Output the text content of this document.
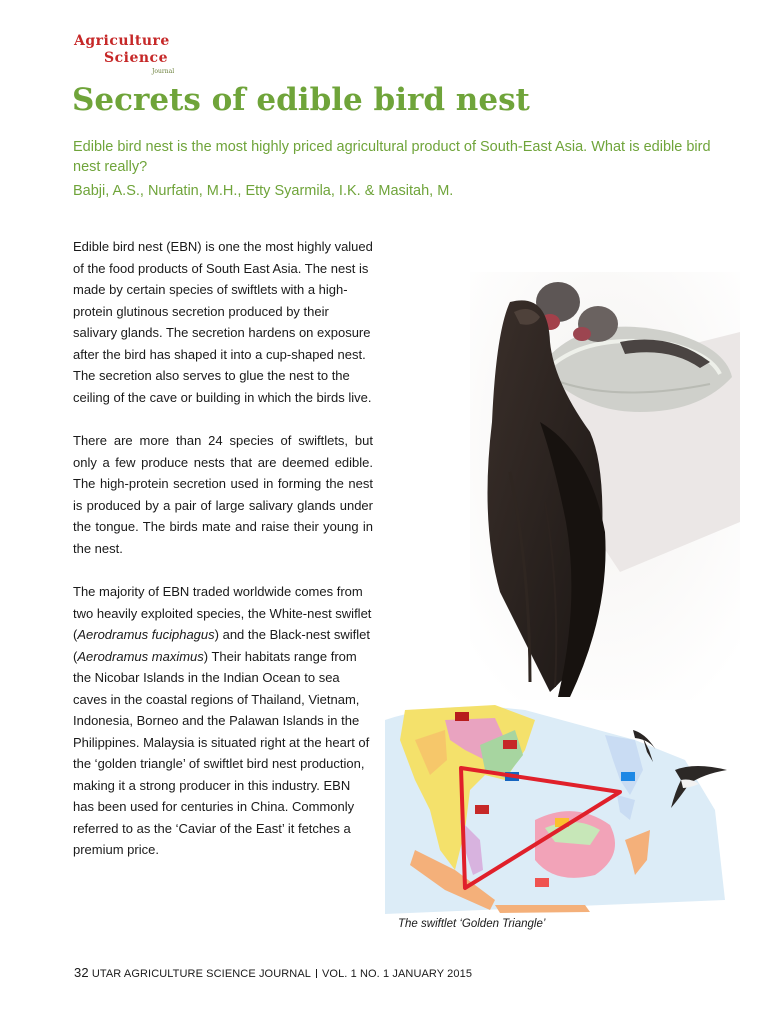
Agriculture
Science
Journal
Secrets of edible bird nest

Edible bird nest is the most highly priced agricultural product of South-East Asia. What is edible bird nest really?

Babji, A.S., Nurfatin, M.H., Etty Syarmila, I.K. & Masitah, M.

Edible bird nest (EBN) is one the most highly valued of the food products of South East Asia. The nest is made by certain species of swiftlets with a high-protein glutinous secretion produced by their salivary glands. The secretion hardens on exposure after the bird has shaped it into a cup-shaped nest. The secretion also serves to glue the nest to the ceiling of the cave or building in which the birds live.

There are more than 24 species of swiftlets, but only a few produce nests that are deemed edible. The high-protein secretion used in forming the nest is produced by a pair of large salivary glands under the tongue. The birds mate and raise their young in the nest.

The majority of EBN traded worldwide comes from two heavily exploited species, the White-nest swiflet (Aerodramus fuciphagus) and the Black-nest swiflet (Aerodramus maximus) Their habitats range from the Nicobar Islands in the Indian Ocean to sea caves in the coastal regions of Thailand, Vietnam, Indonesia, Borneo and the Palawan Islands in the Philippines. Malaysia is situated right at the heart of the ‘golden triangle’ of swiftlet bird nest production, making it a strong producer in this industry. EBN has been used for centuries in China. Commonly referred to as the ‘Caviar of the East’ it fetches a premium price.

The swiftlet ‘Golden Triangle’
32 UTAR AGRICULTURE SCIENCE JOURNAL VOL. 1 NO. 1 JANUARY 2015
